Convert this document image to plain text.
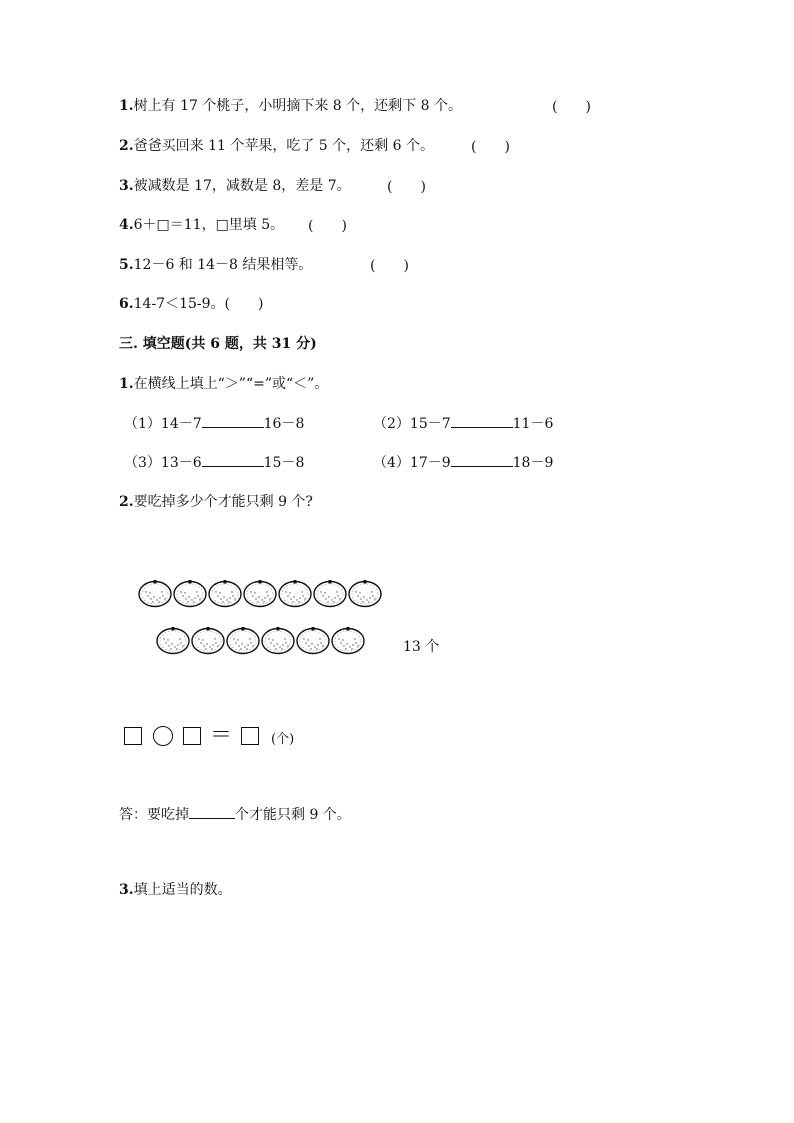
1.树上有 17 个桃子，小明摘下来 8 个，还剩下 8 个。	(　　)
2.爸爸买回来 11 个苹果，吃了 5 个，还剩 6 个。	(　　)
3.被减数是 17，减数是 8，差是 7。	(　　)
4.6＋□＝11，□里填 5。 (　　)
5.12－6 和 14－8 结果相等。	(　　)
6.14-7＜15-9。(　　)
三. 填空题(共 6 题，共 31 分)
1.在横线上填上“＞”“=”或“＜”。
（1）14－7	16－8	（2）15－7	11－6
（3）13－6	15－8	（4）17－9	18－9
2.要吃掉多少个才能只剩 9 个?
13 个
＝	(个)
答：要吃掉	个才能只剩 9 个。
3.填上适当的数。
